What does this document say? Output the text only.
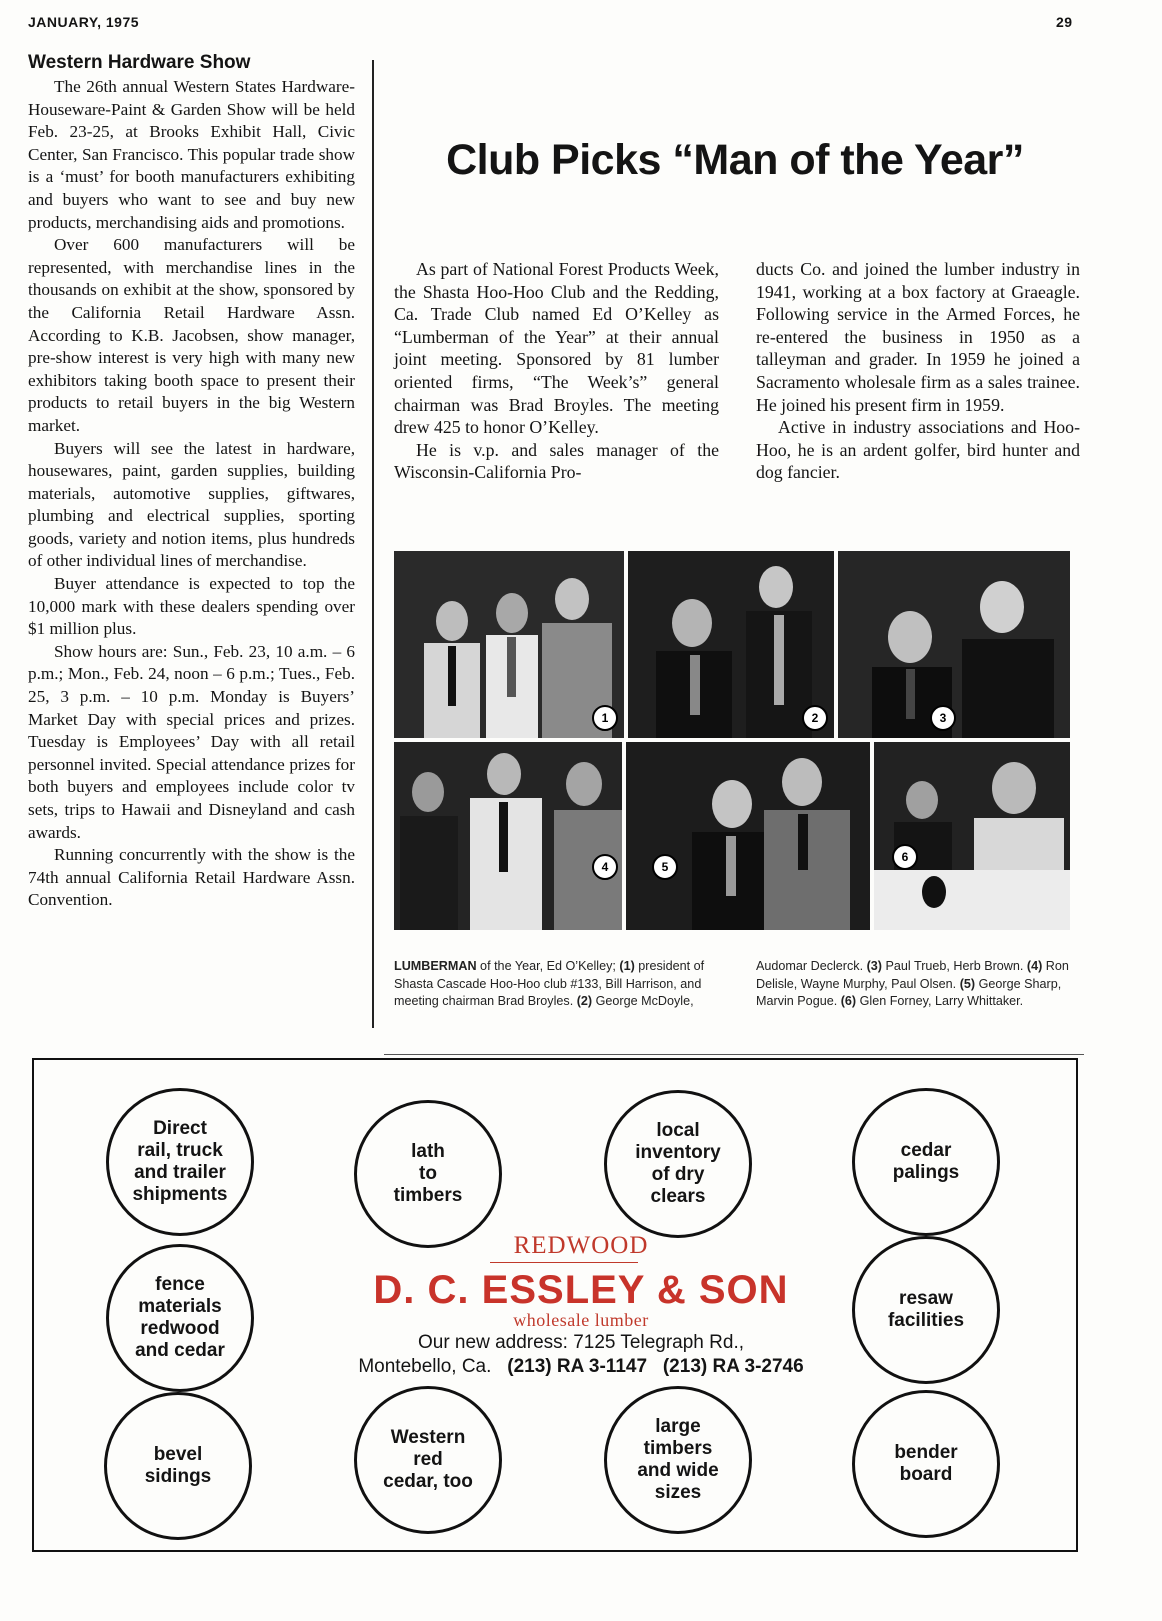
JANUARY, 1975	29
Western Hardware Show

The 26th annual Western States Hardware-Houseware-Paint & Garden Show will be held Feb. 23-25, at Brooks Exhibit Hall, Civic Center, San Francisco. This popular trade show is a ‘must’ for booth manufacturers exhibiting and buyers who want to see and buy new products, merchandising aids and promotions.

Over 600 manufacturers will be represented, with merchandise lines in the thousands on exhibit at the show, sponsored by the California Retail Hardware Assn. According to K.B. Jacobsen, show manager, pre-show interest is very high with many new exhibitors taking booth space to present their products to retail buyers in the big Western market.

Buyers will see the latest in hardware, housewares, paint, garden supplies, building materials, automotive supplies, giftwares, plumbing and electrical supplies, sporting goods, variety and notion items, plus hundreds of other individual lines of merchandise.

Buyer attendance is expected to top the 10,000 mark with these dealers spending over $1 million plus.

Show hours are: Sun., Feb. 23, 10 a.m. – 6 p.m.; Mon., Feb. 24, noon – 6 p.m.; Tues., Feb. 25, 3 p.m. – 10 p.m. Monday is Buyers’ Market Day with special prices and prizes. Tuesday is Employees’ Day with all retail personnel invited. Special attendance prizes for both buyers and employees include color tv sets, trips to Hawaii and Disneyland and cash awards.

Running concurrently with the show is the 74th annual California Retail Hardware Assn. Convention.

Club Picks “Man of the Year”

As part of National Forest Products Week, the Shasta Hoo-Hoo Club and the Redding, Ca. Trade Club named Ed O’Kelley as “Lumberman of the Year” at their annual joint meeting. Sponsored by 81 lumber oriented firms, “The Week’s” general chairman was Brad Broyles. The meeting drew 425 to honor O’Kelley.

He is v.p. and sales manager of the Wisconsin-California Pro-

ducts Co. and joined the lumber industry in 1941, working at a box factory at Graeagle. Following service in the Armed Forces, he re-entered the business in 1950 as a talleyman and grader. In 1959 he joined a Sacramento wholesale firm as a sales trainee. He joined his present firm in 1959.

Active in industry associations and Hoo-Hoo, he is an ardent golfer, bird hunter and dog fancier.

1	2	3
4	5
6
LUMBERMAN of the Year, Ed O’Kelley; (1) president of Shasta Cascade Hoo-Hoo club #133, Bill Harrison, and meeting chairman Brad Broyles. (2) George McDoyle,
Audomar Declerck. (3) Paul Trueb, Herb Brown. (4) Ron Delisle, Wayne Murphy, Paul Olsen. (5) George Sharp, Marvin Pogue. (6) Glen Forney, Larry Whittaker.
Direct
rail, truck
and trailer
shipments
lath
to
timbers
local
inventory
of dry
clears
cedar
palings
fence
materials
redwood
and cedar
resaw
facilities
bevel
sidings
Western
red
cedar, too
large
timbers
and wide
sizes
bender
board
REDWOOD
D. C. ESSLEY & SON
wholesale lumber
Our new address: 7125 Telegraph Rd.,
Montebello, Ca. (213) RA 3-1147 (213) RA 3-2746
